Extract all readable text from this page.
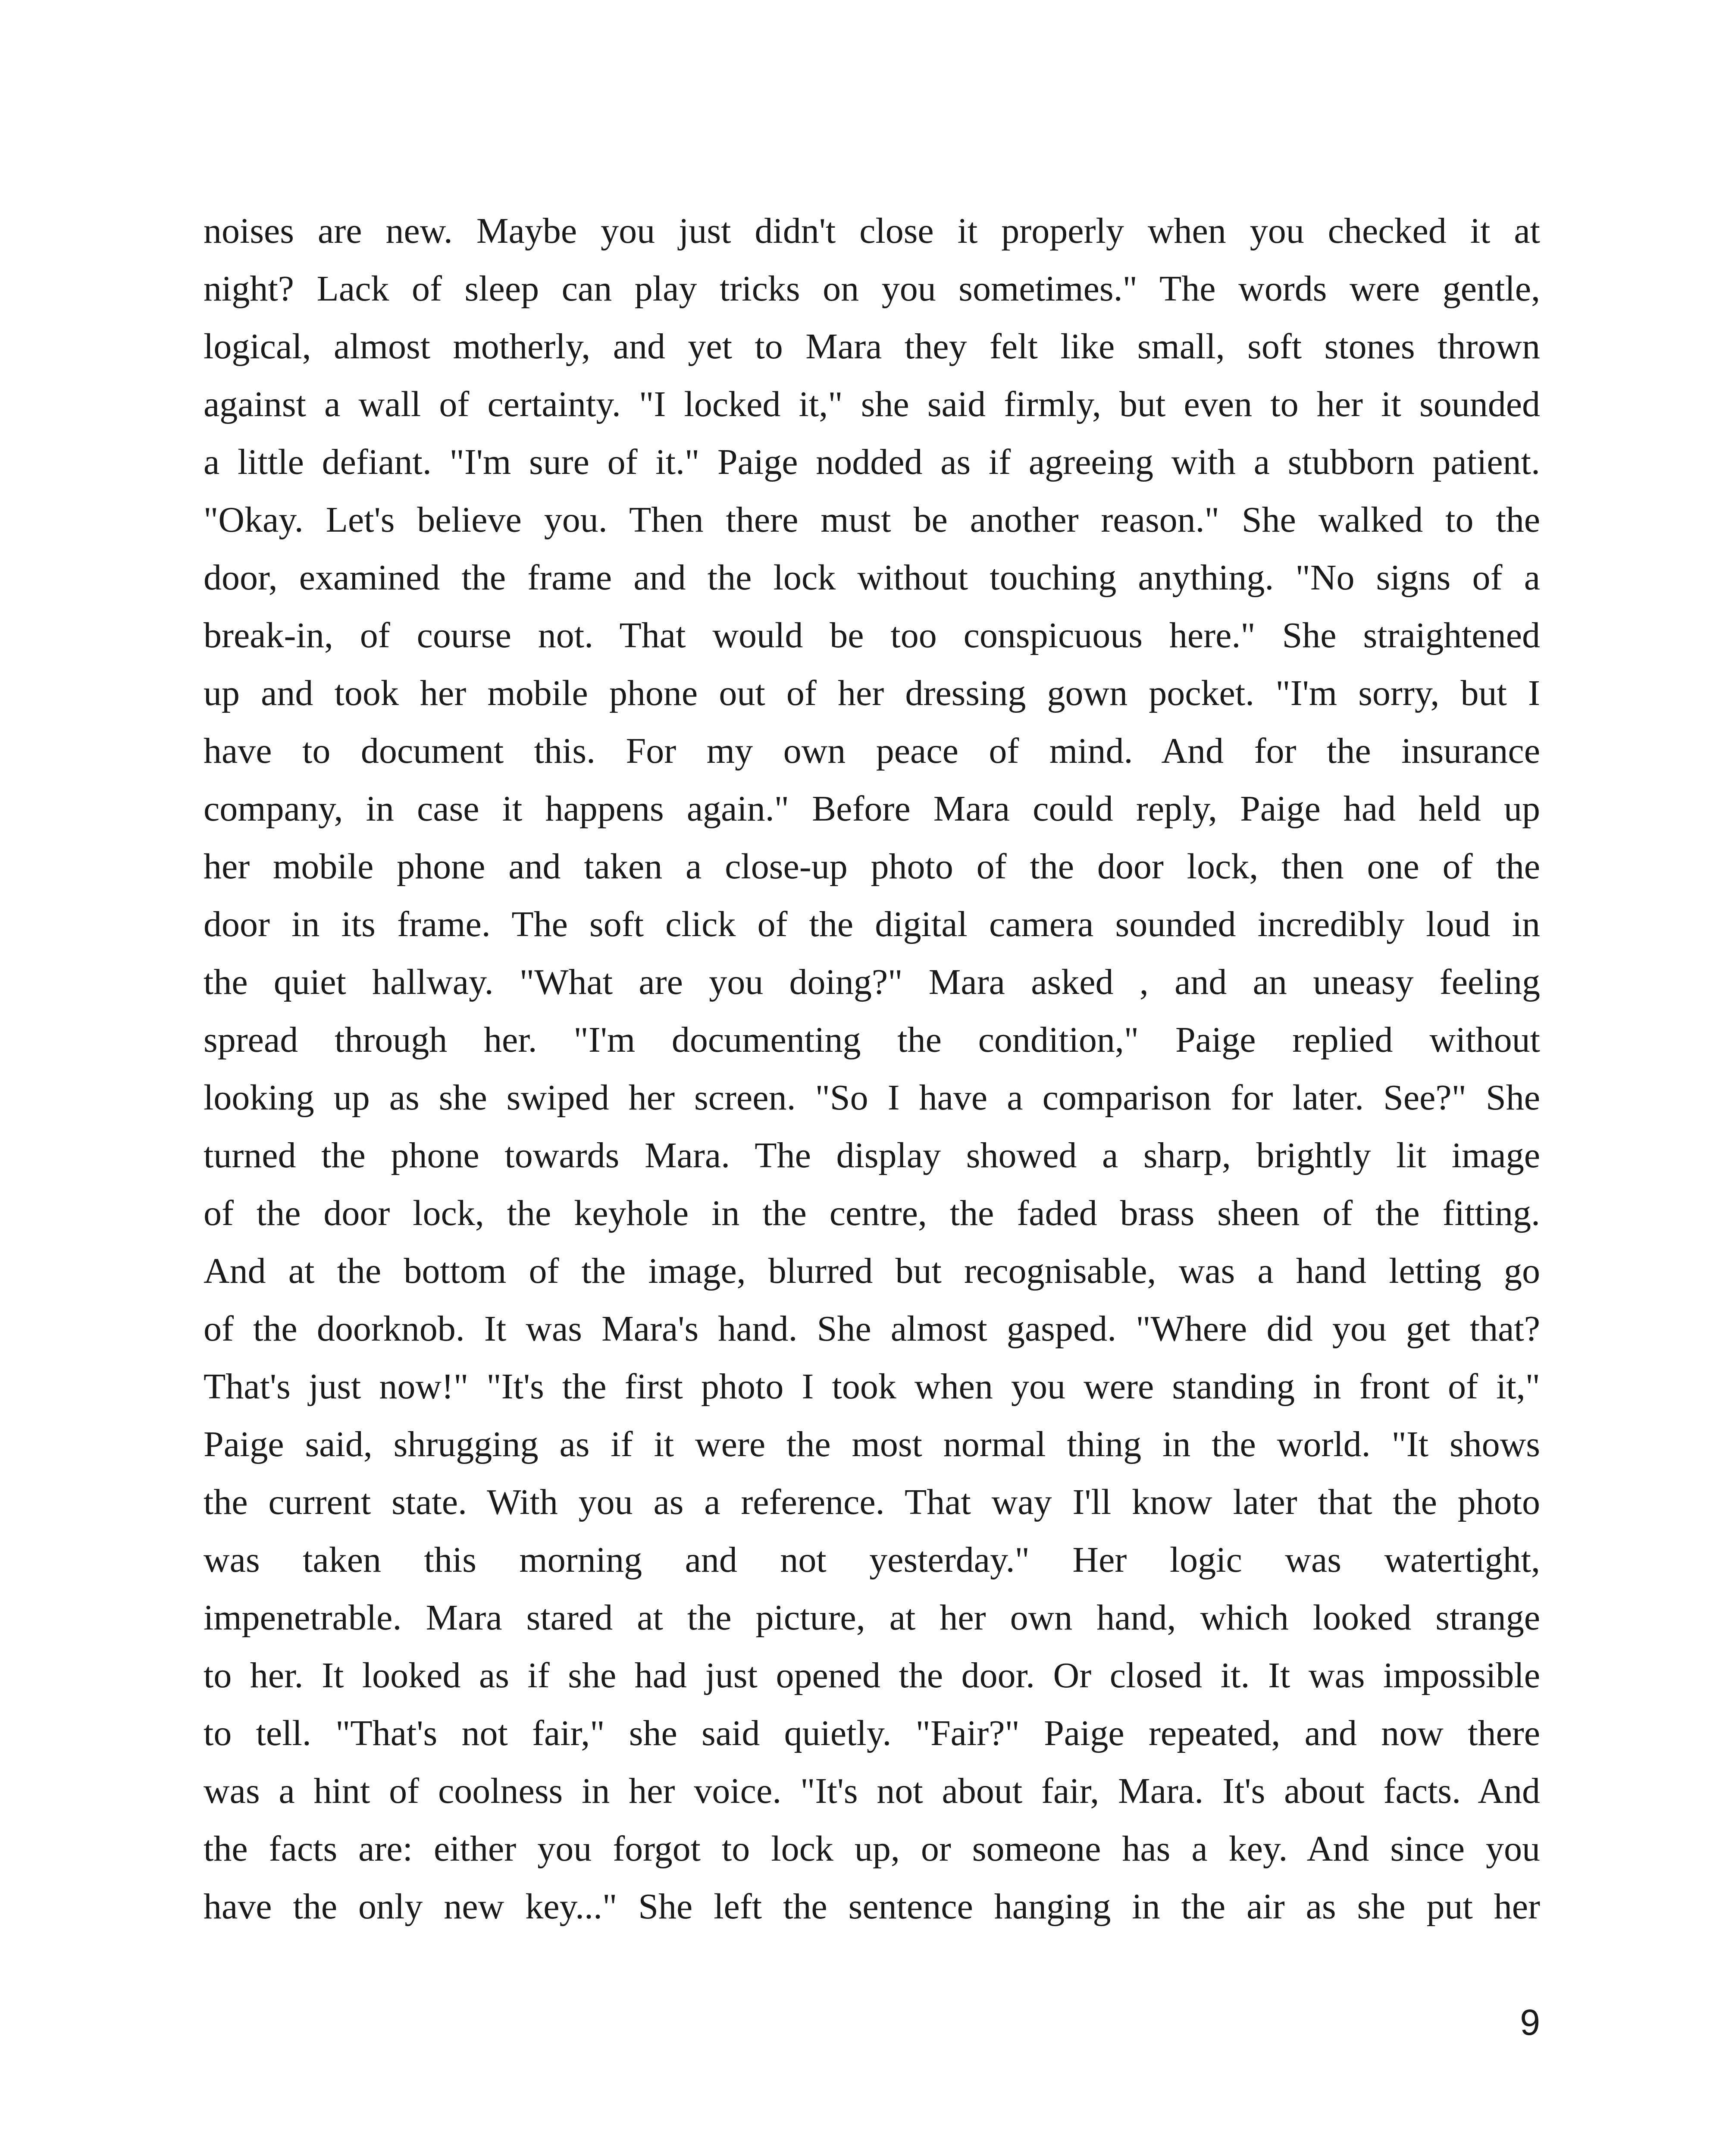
noises are new. Maybe you just didn't close it properly when you checked it at
night? Lack of sleep can play tricks on you sometimes." The words were gentle,
logical, almost motherly, and yet to Mara they felt like small, soft stones thrown
against a wall of certainty. "I locked it," she said firmly, but even to her it sounded
a little defiant. "I'm sure of it." Paige nodded as if agreeing with a stubborn patient.
"Okay. Let's believe you. Then there must be another reason." She walked to the
door, examined the frame and the lock without touching anything. "No signs of a
break-in, of course not. That would be too conspicuous here." She straightened
up and took her mobile phone out of her dressing gown pocket. "I'm sorry, but I
have to document this. For my own peace of mind. And for the insurance
company, in case it happens again." Before Mara could reply, Paige had held up
her mobile phone and taken a close-up photo of the door lock, then one of the
door in its frame. The soft click of the digital camera sounded incredibly loud in
the quiet hallway. "What are you doing?" Mara asked , and an uneasy feeling
spread through her. "I'm documenting the condition," Paige replied without
looking up as she swiped her screen. "So I have a comparison for later. See?" She
turned the phone towards Mara. The display showed a sharp, brightly lit image
of the door lock, the keyhole in the centre, the faded brass sheen of the fitting.
And at the bottom of the image, blurred but recognisable, was a hand letting go
of the doorknob. It was Mara's hand. She almost gasped. "Where did you get that?
That's just now!" "It's the first photo I took when you were standing in front of it,"
Paige said, shrugging as if it were the most normal thing in the world. "It shows
the current state. With you as a reference. That way I'll know later that the photo
was taken this morning and not yesterday." Her logic was watertight,
impenetrable. Mara stared at the picture, at her own hand, which looked strange
to her. It looked as if she had just opened the door. Or closed it. It was impossible
to tell. "That's not fair," she said quietly. "Fair?" Paige repeated, and now there
was a hint of coolness in her voice. "It's not about fair, Mara. It's about facts. And
the facts are: either you forgot to lock up, or someone has a key. And since you
have the only new key..." She left the sentence hanging in the air as she put her
9
